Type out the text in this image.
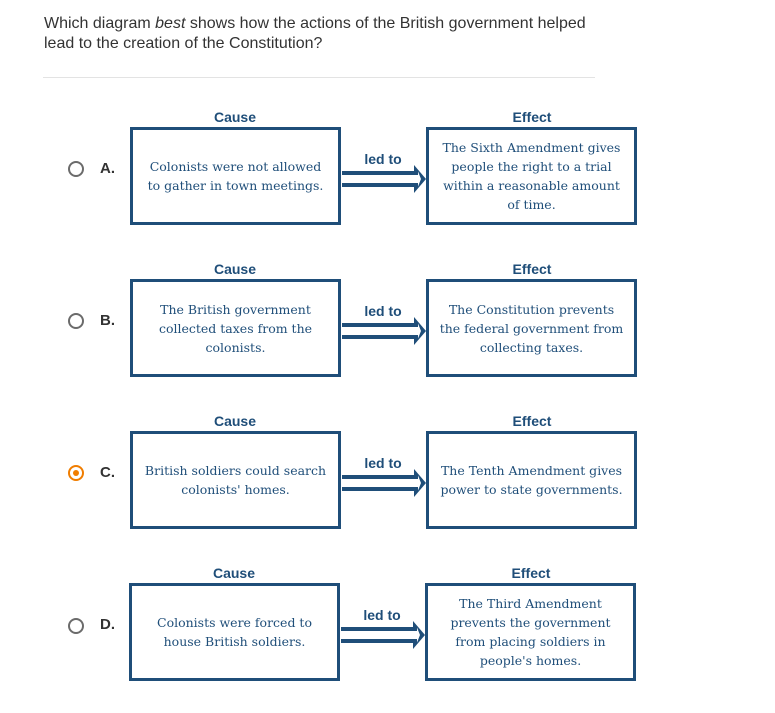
Which diagram best shows how the actions of the British government helped lead to the creation of the Constitution?
A.
Cause	Effect
Colonists were not allowed to gather in town meetings.
led to
The Sixth Amendment gives people the right to a trial within a reasonable amount of time.
B.
Cause	Effect
The British government collected taxes from the colonists.
led to	The Constitution prevents the federal government from collecting taxes.
C.
Cause	Effect
British soldiers could search colonists' homes.
led to	The Tenth Amendment gives power to state governments.
D.
Cause	Effect
Colonists were forced to house British soldiers.
led to
The Third Amendment prevents the government from placing soldiers in people's homes.
